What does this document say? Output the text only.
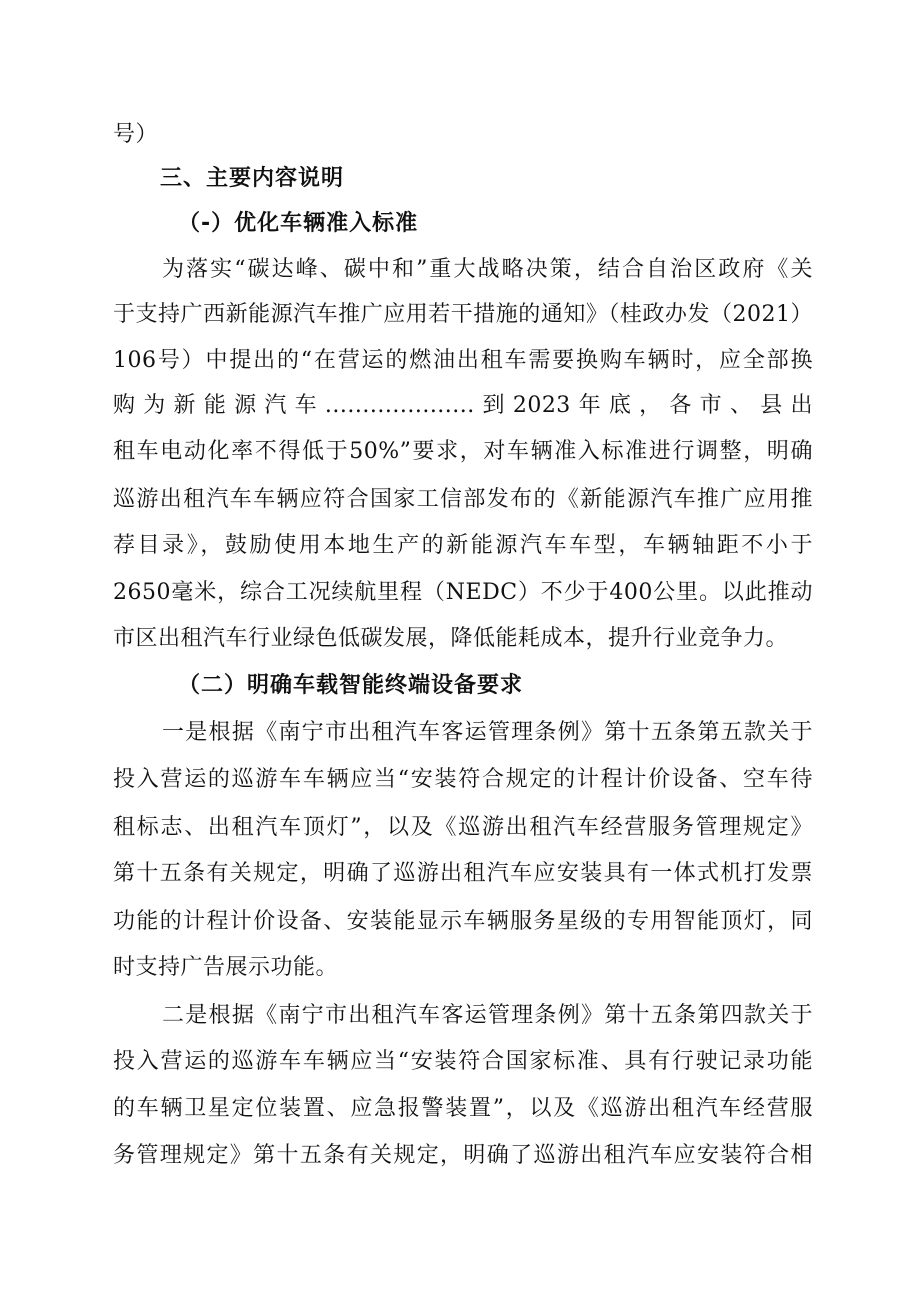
号）
三、主要内容说明
（-）优化车辆准入标准
为落实“碳达峰、碳中和”重大战略决策，结合自治区政府《关
于支持广西新能源汽车推广应用若干措施的通知》（桂政办发（2021）
106号）中提出的“在营运的燃油出租车需要换购车辆时，应全部换
购为新能源汽车....................到2023年底，各市、县出
租车电动化率不得低于50%”要求，对车辆准入标准进行调整，明确
巡游出租汽车车辆应符合国家工信部发布的《新能源汽车推广应用推
荐目录》，鼓励使用本地生产的新能源汽车车型，车辆轴距不小于
2650毫米，综合工况续航里程（NEDC）不少于400公里。以此推动
市区出租汽车行业绿色低碳发展，降低能耗成本，提升行业竞争力。
（二）明确车载智能终端设备要求
一是根据《南宁市出租汽车客运管理条例》第十五条第五款关于
投入营运的巡游车车辆应当“安装符合规定的计程计价设备、空车待
租标志、出租汽车顶灯”，以及《巡游出租汽车经营服务管理规定》
第十五条有关规定，明确了巡游出租汽车应安装具有一体式机打发票
功能的计程计价设备、安装能显示车辆服务星级的专用智能顶灯，同
时支持广告展示功能。
二是根据《南宁市出租汽车客运管理条例》第十五条第四款关于
投入营运的巡游车车辆应当“安装符合国家标准、具有行驶记录功能
的车辆卫星定位装置、应急报警装置”，以及《巡游出租汽车经营服
务管理规定》第十五条有关规定，明确了巡游出租汽车应安装符合相
